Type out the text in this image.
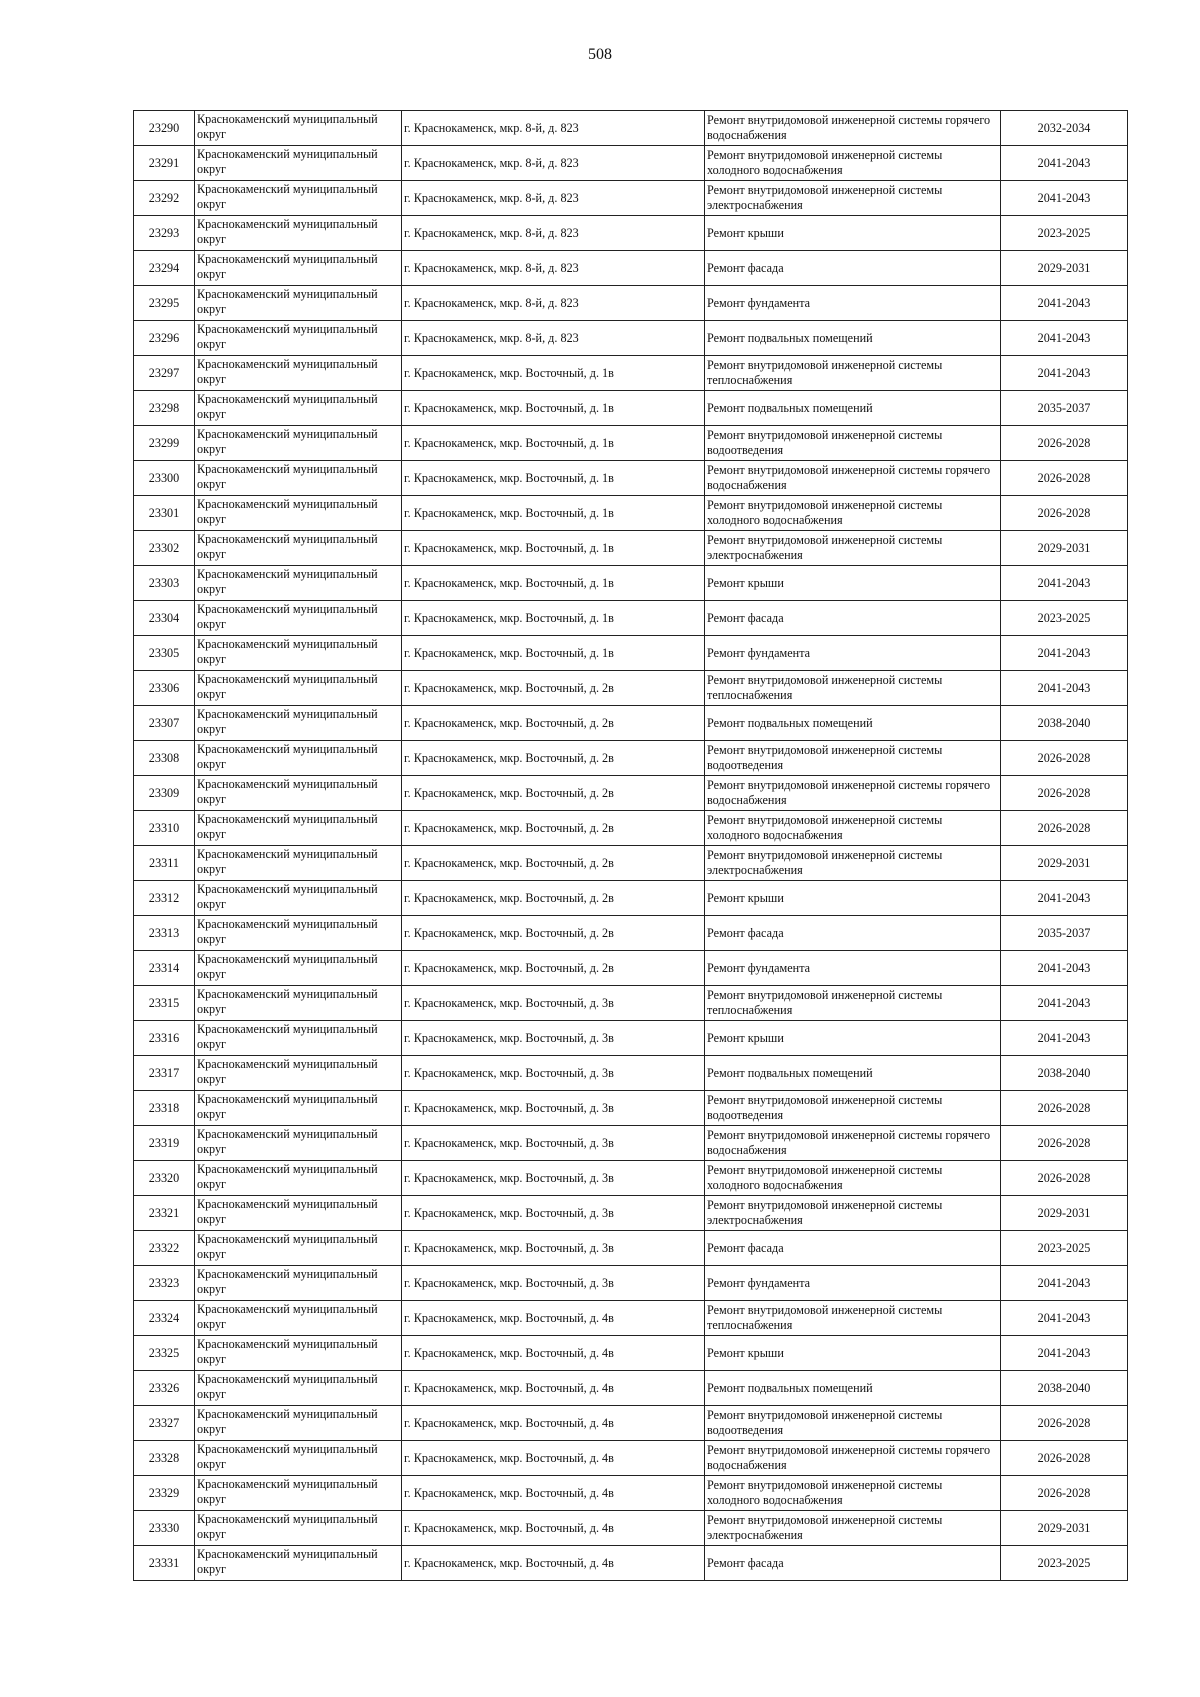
508
23290	Краснокаменский муниципальный округ	г. Краснокаменск, мкр. 8-й, д. 823	Ремонт внутридомовой инженерной системы горячего водоснабжения	2032-2034
23291	Краснокаменский муниципальный округ	г. Краснокаменск, мкр. 8-й, д. 823	Ремонт внутридомовой инженерной системы холодного водоснабжения	2041-2043
23292	Краснокаменский муниципальный округ	г. Краснокаменск, мкр. 8-й, д. 823	Ремонт внутридомовой инженерной системы электроснабжения	2041-2043
23293	Краснокаменский муниципальный округ	г. Краснокаменск, мкр. 8-й, д. 823	Ремонт крыши	2023-2025
23294	Краснокаменский муниципальный округ	г. Краснокаменск, мкр. 8-й, д. 823	Ремонт фасада	2029-2031
23295	Краснокаменский муниципальный округ	г. Краснокаменск, мкр. 8-й, д. 823	Ремонт фундамента	2041-2043
23296	Краснокаменский муниципальный округ	г. Краснокаменск, мкр. 8-й, д. 823	Ремонт подвальных помещений	2041-2043
23297	Краснокаменский муниципальный округ	г. Краснокаменск, мкр. Восточный, д. 1в	Ремонт внутридомовой инженерной системы теплоснабжения	2041-2043
23298	Краснокаменский муниципальный округ	г. Краснокаменск, мкр. Восточный, д. 1в	Ремонт подвальных помещений	2035-2037
23299	Краснокаменский муниципальный округ	г. Краснокаменск, мкр. Восточный, д. 1в	Ремонт внутридомовой инженерной системы водоотведения	2026-2028
23300	Краснокаменский муниципальный округ	г. Краснокаменск, мкр. Восточный, д. 1в	Ремонт внутридомовой инженерной системы горячего водоснабжения	2026-2028
23301	Краснокаменский муниципальный округ	г. Краснокаменск, мкр. Восточный, д. 1в	Ремонт внутридомовой инженерной системы холодного водоснабжения	2026-2028
23302	Краснокаменский муниципальный округ	г. Краснокаменск, мкр. Восточный, д. 1в	Ремонт внутридомовой инженерной системы электроснабжения	2029-2031
23303	Краснокаменский муниципальный округ	г. Краснокаменск, мкр. Восточный, д. 1в	Ремонт крыши	2041-2043
23304	Краснокаменский муниципальный округ	г. Краснокаменск, мкр. Восточный, д. 1в	Ремонт фасада	2023-2025
23305	Краснокаменский муниципальный округ	г. Краснокаменск, мкр. Восточный, д. 1в	Ремонт фундамента	2041-2043
23306	Краснокаменский муниципальный округ	г. Краснокаменск, мкр. Восточный, д. 2в	Ремонт внутридомовой инженерной системы теплоснабжения	2041-2043
23307	Краснокаменский муниципальный округ	г. Краснокаменск, мкр. Восточный, д. 2в	Ремонт подвальных помещений	2038-2040
23308	Краснокаменский муниципальный округ	г. Краснокаменск, мкр. Восточный, д. 2в	Ремонт внутридомовой инженерной системы водоотведения	2026-2028
23309	Краснокаменский муниципальный округ	г. Краснокаменск, мкр. Восточный, д. 2в	Ремонт внутридомовой инженерной системы горячего водоснабжения	2026-2028
23310	Краснокаменский муниципальный округ	г. Краснокаменск, мкр. Восточный, д. 2в	Ремонт внутридомовой инженерной системы холодного водоснабжения	2026-2028
23311	Краснокаменский муниципальный округ	г. Краснокаменск, мкр. Восточный, д. 2в	Ремонт внутридомовой инженерной системы электроснабжения	2029-2031
23312	Краснокаменский муниципальный округ	г. Краснокаменск, мкр. Восточный, д. 2в	Ремонт крыши	2041-2043
23313	Краснокаменский муниципальный округ	г. Краснокаменск, мкр. Восточный, д. 2в	Ремонт фасада	2035-2037
23314	Краснокаменский муниципальный округ	г. Краснокаменск, мкр. Восточный, д. 2в	Ремонт фундамента	2041-2043
23315	Краснокаменский муниципальный округ	г. Краснокаменск, мкр. Восточный, д. 3в	Ремонт внутридомовой инженерной системы теплоснабжения	2041-2043
23316	Краснокаменский муниципальный округ	г. Краснокаменск, мкр. Восточный, д. 3в	Ремонт крыши	2041-2043
23317	Краснокаменский муниципальный округ	г. Краснокаменск, мкр. Восточный, д. 3в	Ремонт подвальных помещений	2038-2040
23318	Краснокаменский муниципальный округ	г. Краснокаменск, мкр. Восточный, д. 3в	Ремонт внутридомовой инженерной системы водоотведения	2026-2028
23319	Краснокаменский муниципальный округ	г. Краснокаменск, мкр. Восточный, д. 3в	Ремонт внутридомовой инженерной системы горячего водоснабжения	2026-2028
23320	Краснокаменский муниципальный округ	г. Краснокаменск, мкр. Восточный, д. 3в	Ремонт внутридомовой инженерной системы холодного водоснабжения	2026-2028
23321	Краснокаменский муниципальный округ	г. Краснокаменск, мкр. Восточный, д. 3в	Ремонт внутридомовой инженерной системы электроснабжения	2029-2031
23322	Краснокаменский муниципальный округ	г. Краснокаменск, мкр. Восточный, д. 3в	Ремонт фасада	2023-2025
23323	Краснокаменский муниципальный округ	г. Краснокаменск, мкр. Восточный, д. 3в	Ремонт фундамента	2041-2043
23324	Краснокаменский муниципальный округ	г. Краснокаменск, мкр. Восточный, д. 4в	Ремонт внутридомовой инженерной системы теплоснабжения	2041-2043
23325	Краснокаменский муниципальный округ	г. Краснокаменск, мкр. Восточный, д. 4в	Ремонт крыши	2041-2043
23326	Краснокаменский муниципальный округ	г. Краснокаменск, мкр. Восточный, д. 4в	Ремонт подвальных помещений	2038-2040
23327	Краснокаменский муниципальный округ	г. Краснокаменск, мкр. Восточный, д. 4в	Ремонт внутридомовой инженерной системы водоотведения	2026-2028
23328	Краснокаменский муниципальный округ	г. Краснокаменск, мкр. Восточный, д. 4в	Ремонт внутридомовой инженерной системы горячего водоснабжения	2026-2028
23329	Краснокаменский муниципальный округ	г. Краснокаменск, мкр. Восточный, д. 4в	Ремонт внутридомовой инженерной системы холодного водоснабжения	2026-2028
23330	Краснокаменский муниципальный округ	г. Краснокаменск, мкр. Восточный, д. 4в	Ремонт внутридомовой инженерной системы электроснабжения	2029-2031
23331	Краснокаменский муниципальный округ	г. Краснокаменск, мкр. Восточный, д. 4в	Ремонт фасада	2023-2025
